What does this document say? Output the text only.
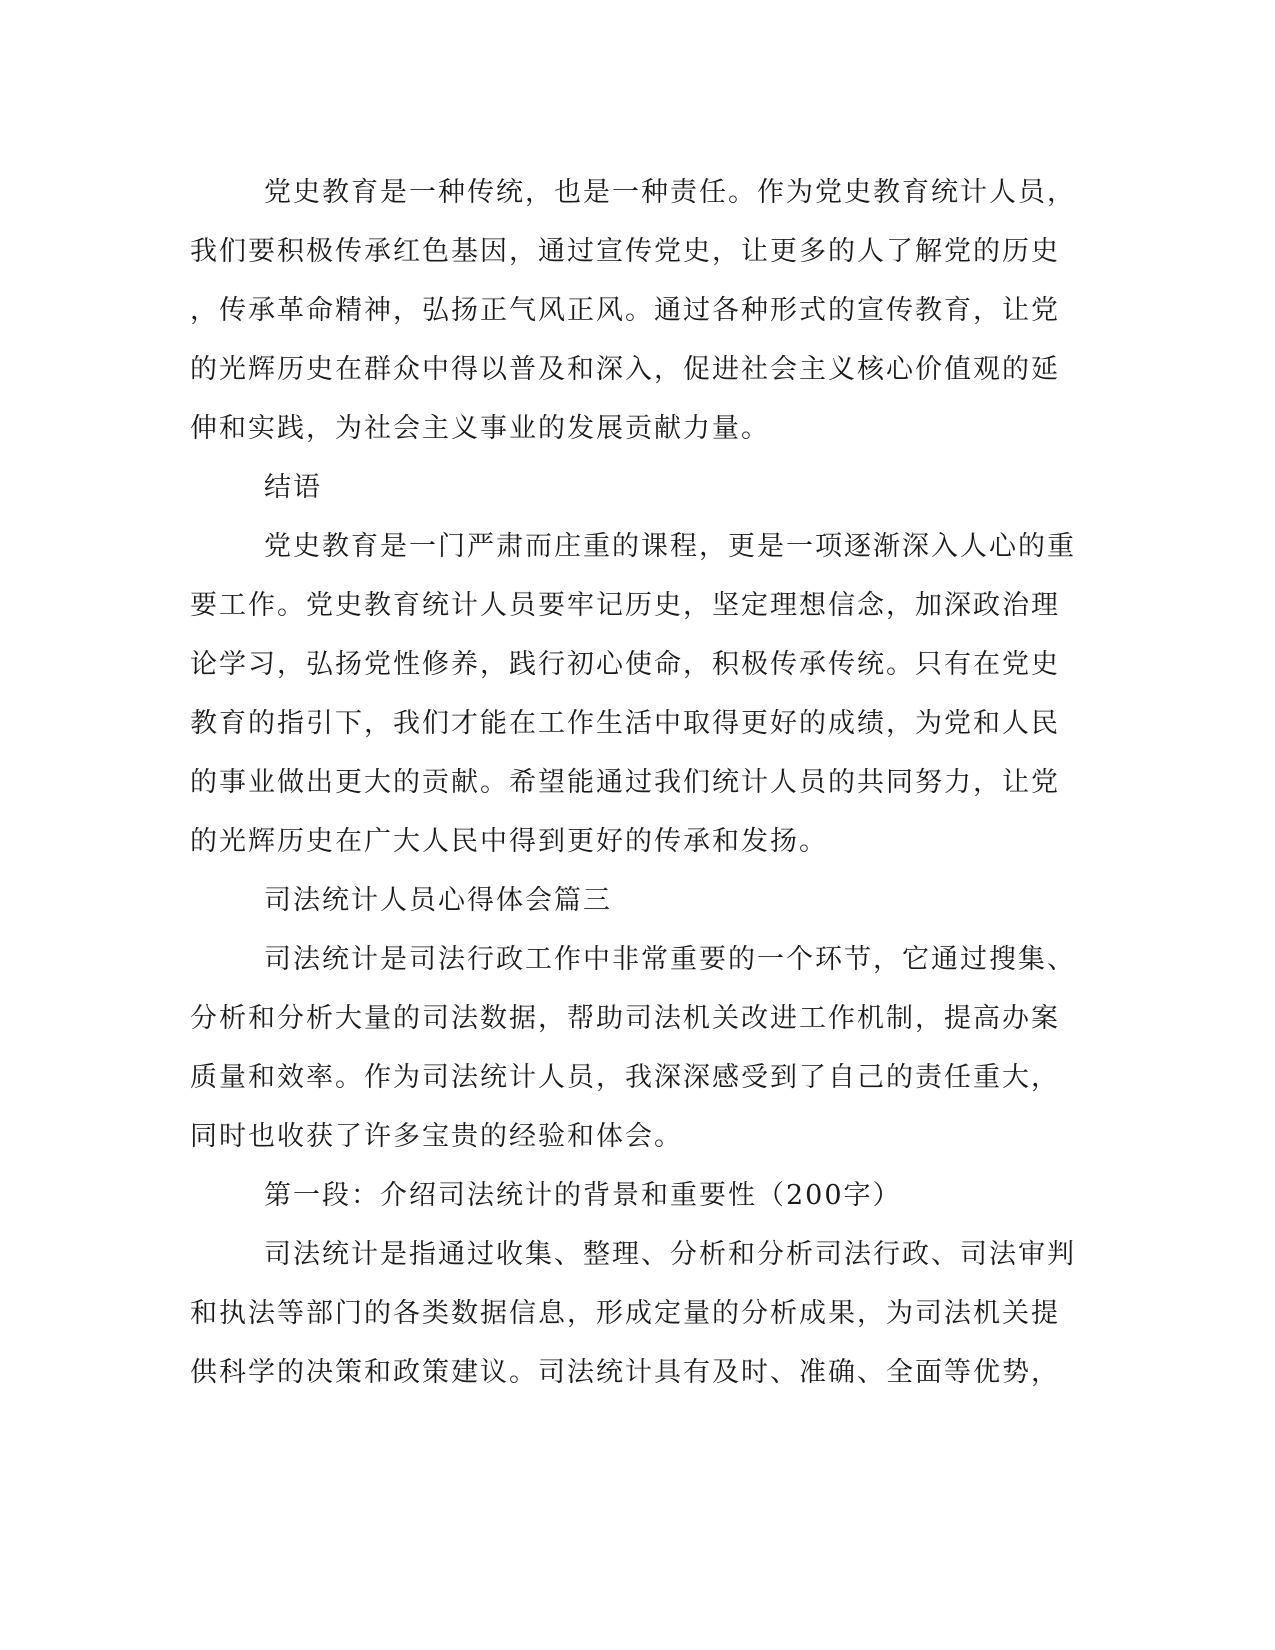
党史教育是一种传统，也是一种责任。作为党史教育统计人员，
我们要积极传承红色基因，通过宣传党史，让更多的人了解党的历史
，传承革命精神，弘扬正气风正风。通过各种形式的宣传教育，让党
的光辉历史在群众中得以普及和深入，促进社会主义核心价值观的延
伸和实践，为社会主义事业的发展贡献力量。
结语
党史教育是一门严肃而庄重的课程，更是一项逐渐深入人心的重
要工作。党史教育统计人员要牢记历史，坚定理想信念，加深政治理
论学习，弘扬党性修养，践行初心使命，积极传承传统。只有在党史
教育的指引下，我们才能在工作生活中取得更好的成绩，为党和人民
的事业做出更大的贡献。希望能通过我们统计人员的共同努力，让党
的光辉历史在广大人民中得到更好的传承和发扬。
司法统计人员心得体会篇三
司法统计是司法行政工作中非常重要的一个环节，它通过搜集、
分析和分析大量的司法数据，帮助司法机关改进工作机制，提高办案
质量和效率。作为司法统计人员，我深深感受到了自己的责任重大，
同时也收获了许多宝贵的经验和体会。
第一段：介绍司法统计的背景和重要性（200字）
司法统计是指通过收集、整理、分析和分析司法行政、司法审判
和执法等部门的各类数据信息，形成定量的分析成果，为司法机关提
供科学的决策和政策建议。司法统计具有及时、准确、全面等优势，
